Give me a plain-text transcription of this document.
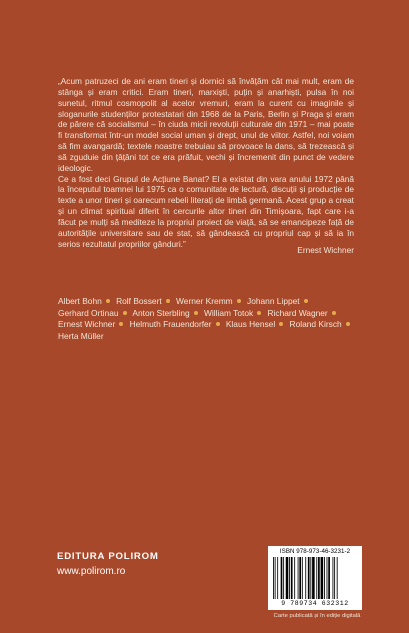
„Acum patruzeci de ani eram tineri și dornici să învățăm cât mai mult, eram de stânga și eram critici. Eram tineri, marxiști, puțin și anarhiști, pulsa în noi sunetul, ritmul cosmopolit al acelor vremuri, eram la curent cu imaginile și sloganurile studenților protestatari din 1968 de la Paris, Berlin și Praga și eram de părere că socialismul – în ciuda micii revoluții culturale din 1971 – mai poate fi transformat într-un model social uman și drept, unul de viitor. Astfel, noi voiam să fim avangardă; textele noastre trebuiau să provoace la dans, să trezească și să zguduie din țâțâni tot ce era prăfuit, vechi și încremenit din punct de vedere ideologic.

Ce a fost deci Grupul de Acțiune Banat? El a existat din vara anului 1972 până la începutul toamnei lui 1975 ca o comunitate de lectură, discuții și producție de texte a unor tineri și oarecum rebeli literați de limbă germană. Acest grup a creat și un climat spiritual diferit în cercurile altor tineri din Timișoara, fapt care i-a făcut pe mulți să mediteze la propriul proiect de viață, să se emancipeze față de autoritățile universitare sau de stat, să gândească cu propriul cap și să ia în serios rezultatul propriilor gânduri.”

Ernest Wichner

Albert Bohn Rolf Bossert Werner Kremm Johann Lippet Gerhard Ortinau Anton Sterbling William Totok Richard Wagner Ernest Wichner Helmuth Frauendorfer Klaus Hensel Roland Kirsch Herta Müller

EDITURA POLIROM
www.polirom.ro
ISBN 978-973-46-3231-2
9 789734 632312
Carte publicată și în ediție digitală
